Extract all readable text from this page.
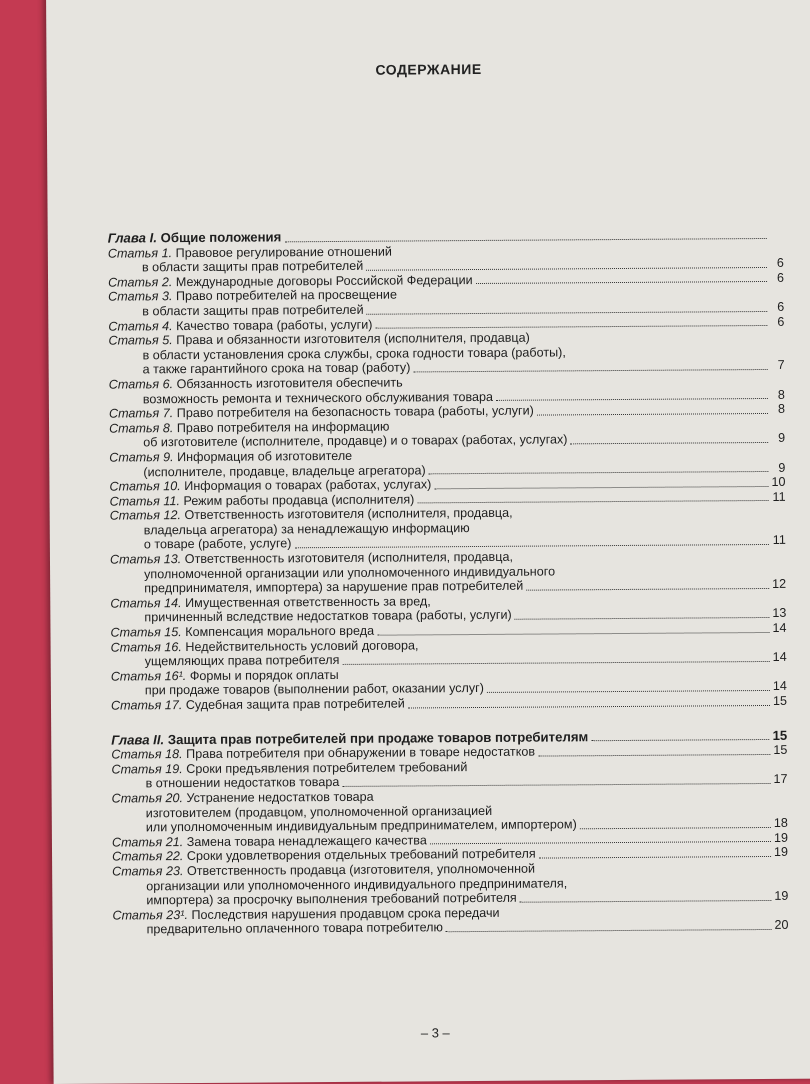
СОДЕРЖАНИЕ
Глава I. Общие положения
Статья 1. Правовое регулирование отношений
в области защиты прав потребителей	6
Статья 2. Международные договоры Российской Федерации	6
Статья 3. Право потребителей на просвещение
в области защиты прав потребителей	6
Статья 4. Качество товара (работы, услуги)	6
Статья 5. Права и обязанности изготовителя (исполнителя, продавца)
в области установления срока службы, срока годности товара (работы),
а также гарантийного срока на товар (работу)	7
Статья 6. Обязанность изготовителя обеспечить
возможность ремонта и технического обслуживания товара	8
Статья 7. Право потребителя на безопасность товара (работы, услуги)	8
Статья 8. Право потребителя на информацию
об изготовителе (исполнителе, продавце) и о товарах (работах, услугах)	9
Статья 9. Информация об изготовителе
(исполнителе, продавце, владельце агрегатора)	9
Статья 10. Информация о товарах (работах, услугах)	10
Статья 11. Режим работы продавца (исполнителя)	11
Статья 12. Ответственность изготовителя (исполнителя, продавца,
владельца агрегатора) за ненадлежащую информацию
о товаре (работе, услуге)	11
Статья 13. Ответственность изготовителя (исполнителя, продавца,
уполномоченной организации или уполномоченного индивидуального
предпринимателя, импортера) за нарушение прав потребителей	12
Статья 14. Имущественная ответственность за вред,
причиненный вследствие недостатков товара (работы, услуги)	13
Статья 15. Компенсация морального вреда	14
Статья 16. Недействительность условий договора,
ущемляющих права потребителя	14
Статья 16¹. Формы и порядок оплаты
при продаже товаров (выполнении работ, оказании услуг)	14
Статья 17. Судебная защита прав потребителей	15
Глава II. Защита прав потребителей при продаже товаров потребителям	15
Статья 18. Права потребителя при обнаружении в товаре недостатков	15
Статья 19. Сроки предъявления потребителем требований
в отношении недостатков товара	17
Статья 20. Устранение недостатков товара
изготовителем (продавцом, уполномоченной организацией
или уполномоченным индивидуальным предпринимателем, импортером)	18
Статья 21. Замена товара ненадлежащего качества	19
Статья 22. Сроки удовлетворения отдельных требований потребителя	19
Статья 23. Ответственность продавца (изготовителя, уполномоченной
организации или уполномоченного индивидуального предпринимателя,
импортера) за просрочку выполнения требований потребителя	19
Статья 23¹. Последствия нарушения продавцом срока передачи
предварительно оплаченного товара потребителю	20
– 3 –
